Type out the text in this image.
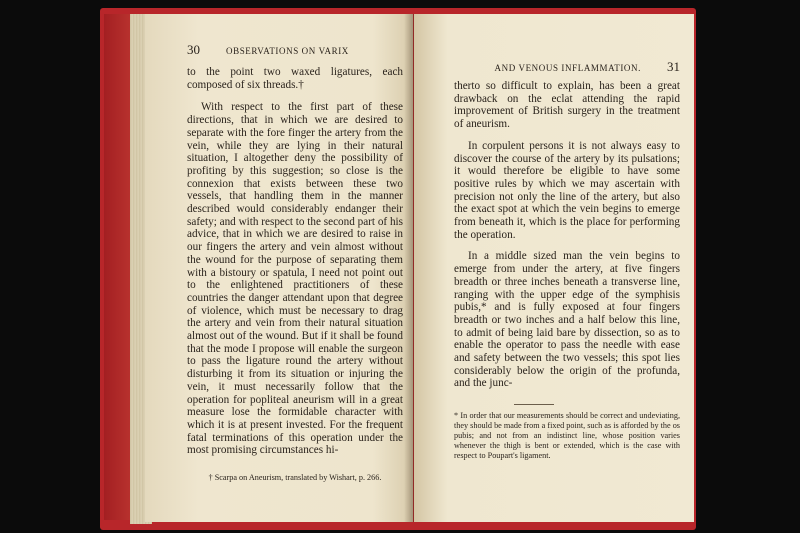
30	OBSERVATIONS ON VARIX

to the point two waxed ligatures, each composed of six threads.†

With respect to the first part of these directions, that in which we are desired to separate with the fore finger the artery from the vein, while they are lying in their natural situation, I altogether deny the possibility of profiting by this suggestion; so close is the connexion that exists between these two vessels, that handling them in the manner described would considerably endanger their safety; and with respect to the second part of his advice, that in which we are desired to raise in our fingers the artery and vein almost without the wound for the purpose of separating them with a bistoury or spatula, I need not point out to the enlightened practitioners of these countries the danger attendant upon that degree of violence, which must be necessary to drag the artery and vein from their natural situation almost out of the wound. But if it shall be found that the mode I propose will enable the surgeon to pass the ligature round the artery without disturbing it from its situation or injuring the vein, it must necessarily follow that the operation for popliteal aneurism will in a great measure lose the formidable character with which it is at present invested. For the frequent fatal terminations of this operation under the most promising circumstances hi-

† Scarpa on Aneurism, translated by Wishart, p. 266.

AND VENOUS INFLAMMATION. 31

therto so difficult to explain, has been a great drawback on the eclat attending the rapid improvement of British surgery in the treatment of aneurism.

In corpulent persons it is not always easy to discover the course of the artery by its pulsations; it would therefore be eligible to have some positive rules by which we may ascertain with precision not only the line of the artery, but also the exact spot at which the vein begins to emerge from beneath it, which is the place for performing the operation.

In a middle sized man the vein begins to emerge from under the artery, at five fingers breadth or three inches beneath a transverse line, ranging with the upper edge of the symphisis pubis,* and is fully exposed at four fingers breadth or two inches and a half below this line, to admit of being laid bare by dissection, so as to enable the operator to pass the needle with ease and safety between the two vessels; this spot lies considerably below the origin of the profunda, and the junc-

* In order that our measurements should be correct and undeviating, they should be made from a fixed point, such as is afforded by the os pubis; and not from an indistinct line, whose position varies whenever the thigh is bent or extended, which is the case with respect to Poupart's ligament.
